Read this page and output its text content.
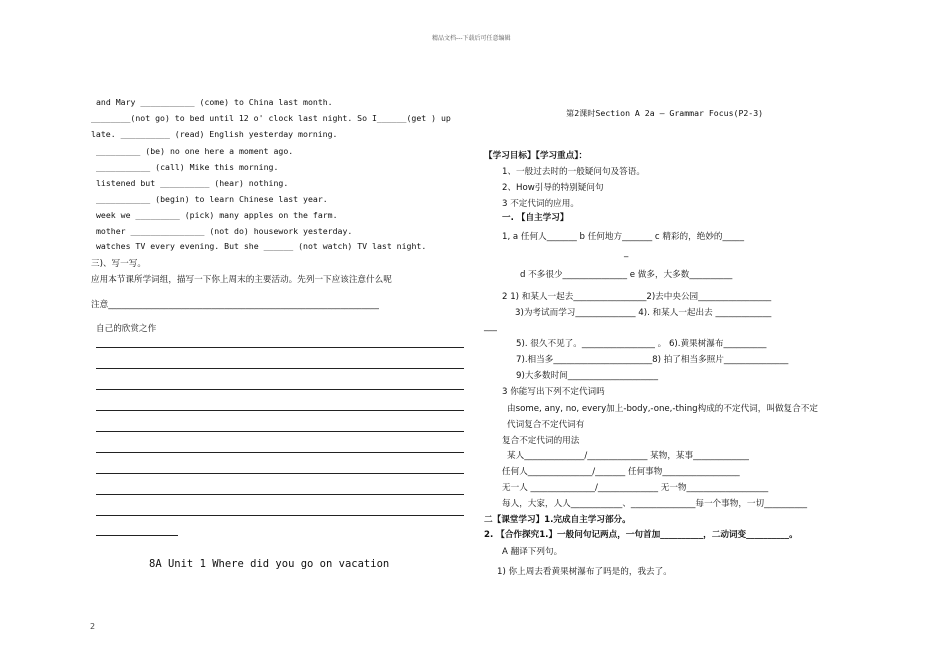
精品文档---下载后可任意编辑
and Mary ___________ (come) to China last month.
________(not go) to bed until 12 o' clock last night. So I______(get ) up
late. __________ (read) English yesterday morning.
_________ (be) no one here a moment ago.
___________ (call) Mike this morning.
listened but __________ (hear) nothing.
___________ (begin) to learn Chinese last year.
week we _________ (pick) many apples on the farm.
mother _______________ (not do) housework yesterday.
watches TV every evening. But she ______ (not watch) TV last night.
三)、写一写。
应用本节课所学词组，描写一下你上周末的主要活动。先列一下应该注意什么呢
注意_______________________________________________________________
自己的欣赏之作
8A Unit 1 Where did you go on vacation
第2课时Section A 2a — Grammar Focus(P2-3)
【学习目标】【学习重点】：
1、一般过去时的一般疑问句及答语。
2、How引导的特别疑问句
3 不定代词的应用。
一. 【自主学习】
1, a 任何人_______ b 任何地方_______ c 精彩的，绝妙的_____
_
d 不多很少_______________ e 做多，大多数__________
2 1) 和某人一起去_________________2)去中央公园_________________
3)为考试而学习______________ 4). 和某人一起出去 _____________
___
5). 很久不见了。_________________ 。 6).黄果树瀑布__________
7).相当多_______________________8) 拍了相当多照片_______________
9)大多数时间_____________________
3 你能写出下列不定代词吗
由some, any, no, every加上-body,-one,-thing构成的不定代词，叫做复合不定
代词复合不定代词有
复合不定代词的用法
某人______________/______________ 某物，某事_____________
任何人_______________/_______ 任何事物__________________
无一人 _______________/______________ 无一物___________________
每人，大家，人人____________、_______________每一个事物，一切__________
二【课堂学习】1.完成自主学习部分。
2. 【合作探究1.】一般问句记两点，一句首加__________，二动词变__________。
A 翻译下列句。
1) 你上周去看黄果树瀑布了吗是的，我去了。
2
